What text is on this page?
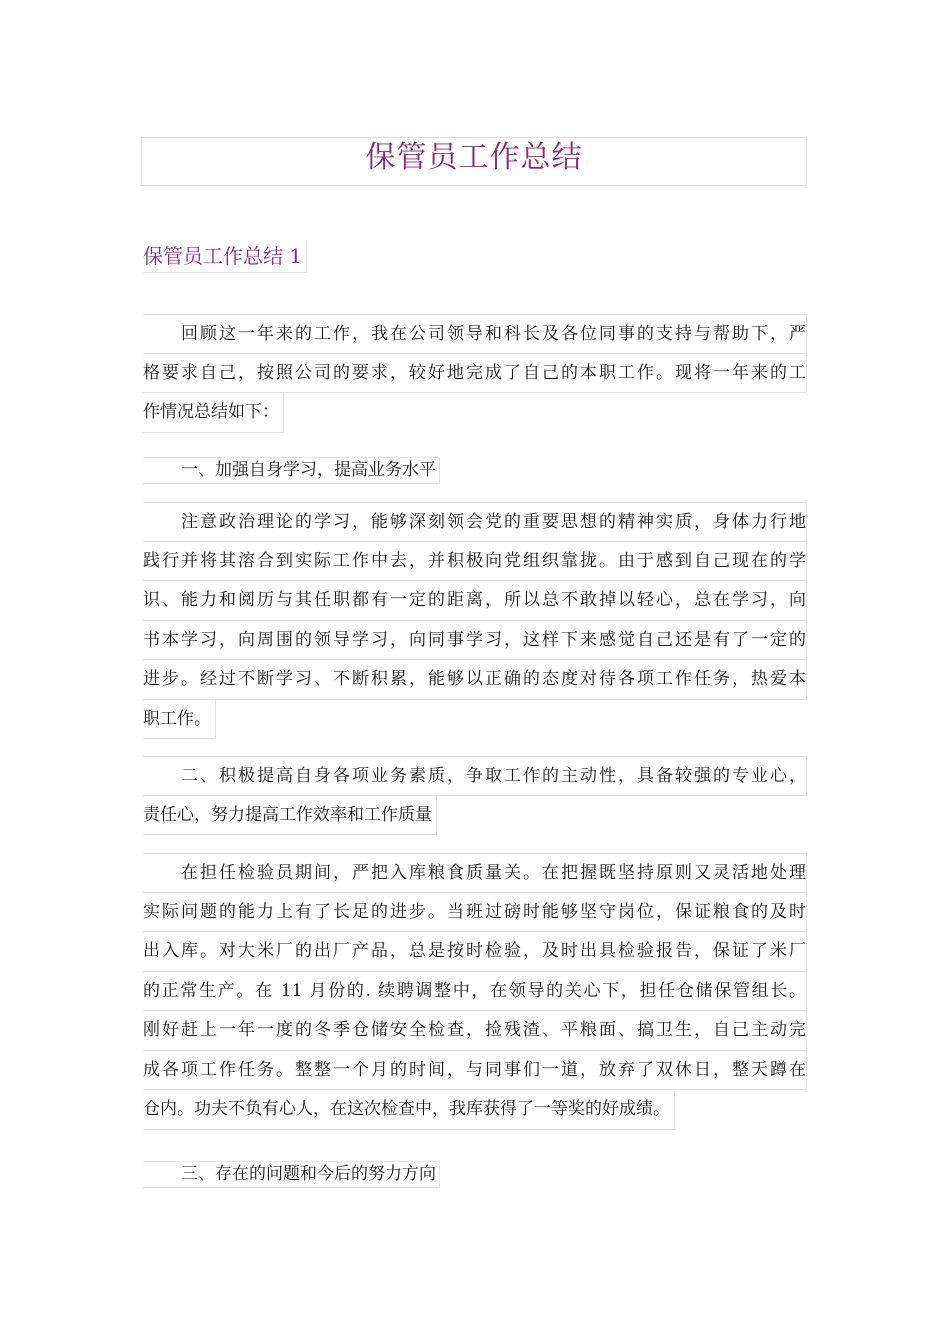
保管员工作总结
保管员工作总结 1
回顾这一年来的工作，我在公司领导和科长及各位同事的支持与帮助下，严
格要求自己，按照公司的要求，较好地完成了自己的本职工作。现将一年来的工
作情况总结如下：
一、加强自身学习，提高业务水平
注意政治理论的学习，能够深刻领会党的重要思想的精神实质，身体力行地
践行并将其溶合到实际工作中去，并积极向党组织靠拢。由于感到自己现在的学
识、能力和阅历与其任职都有一定的距离，所以总不敢掉以轻心，总在学习，向
书本学习，向周围的领导学习，向同事学习，这样下来感觉自己还是有了一定的
进步。经过不断学习、不断积累，能够以正确的态度对待各项工作任务，热爱本
职工作。
二、积极提高自身各项业务素质，争取工作的主动性，具备较强的专业心，
责任心，努力提高工作效率和工作质量
在担任检验员期间，严把入库粮食质量关。在把握既坚持原则又灵活地处理
实际问题的能力上有了长足的进步。当班过磅时能够坚守岗位，保证粮食的及时
出入库。对大米厂的出厂产品，总是按时检验，及时出具检验报告，保证了米厂
的正常生产。在 11 月份的. 续聘调整中，在领导的关心下，担任仓储保管组长。
刚好赶上一年一度的冬季仓储安全检查，捡残渣、平粮面、搞卫生，自己主动完
成各项工作任务。整整一个月的时间，与同事们一道，放弃了双休日，整天蹲在
仓内。功夫不负有心人，在这次检查中，我库获得了一等奖的好成绩。
三、存在的问题和今后的努力方向
